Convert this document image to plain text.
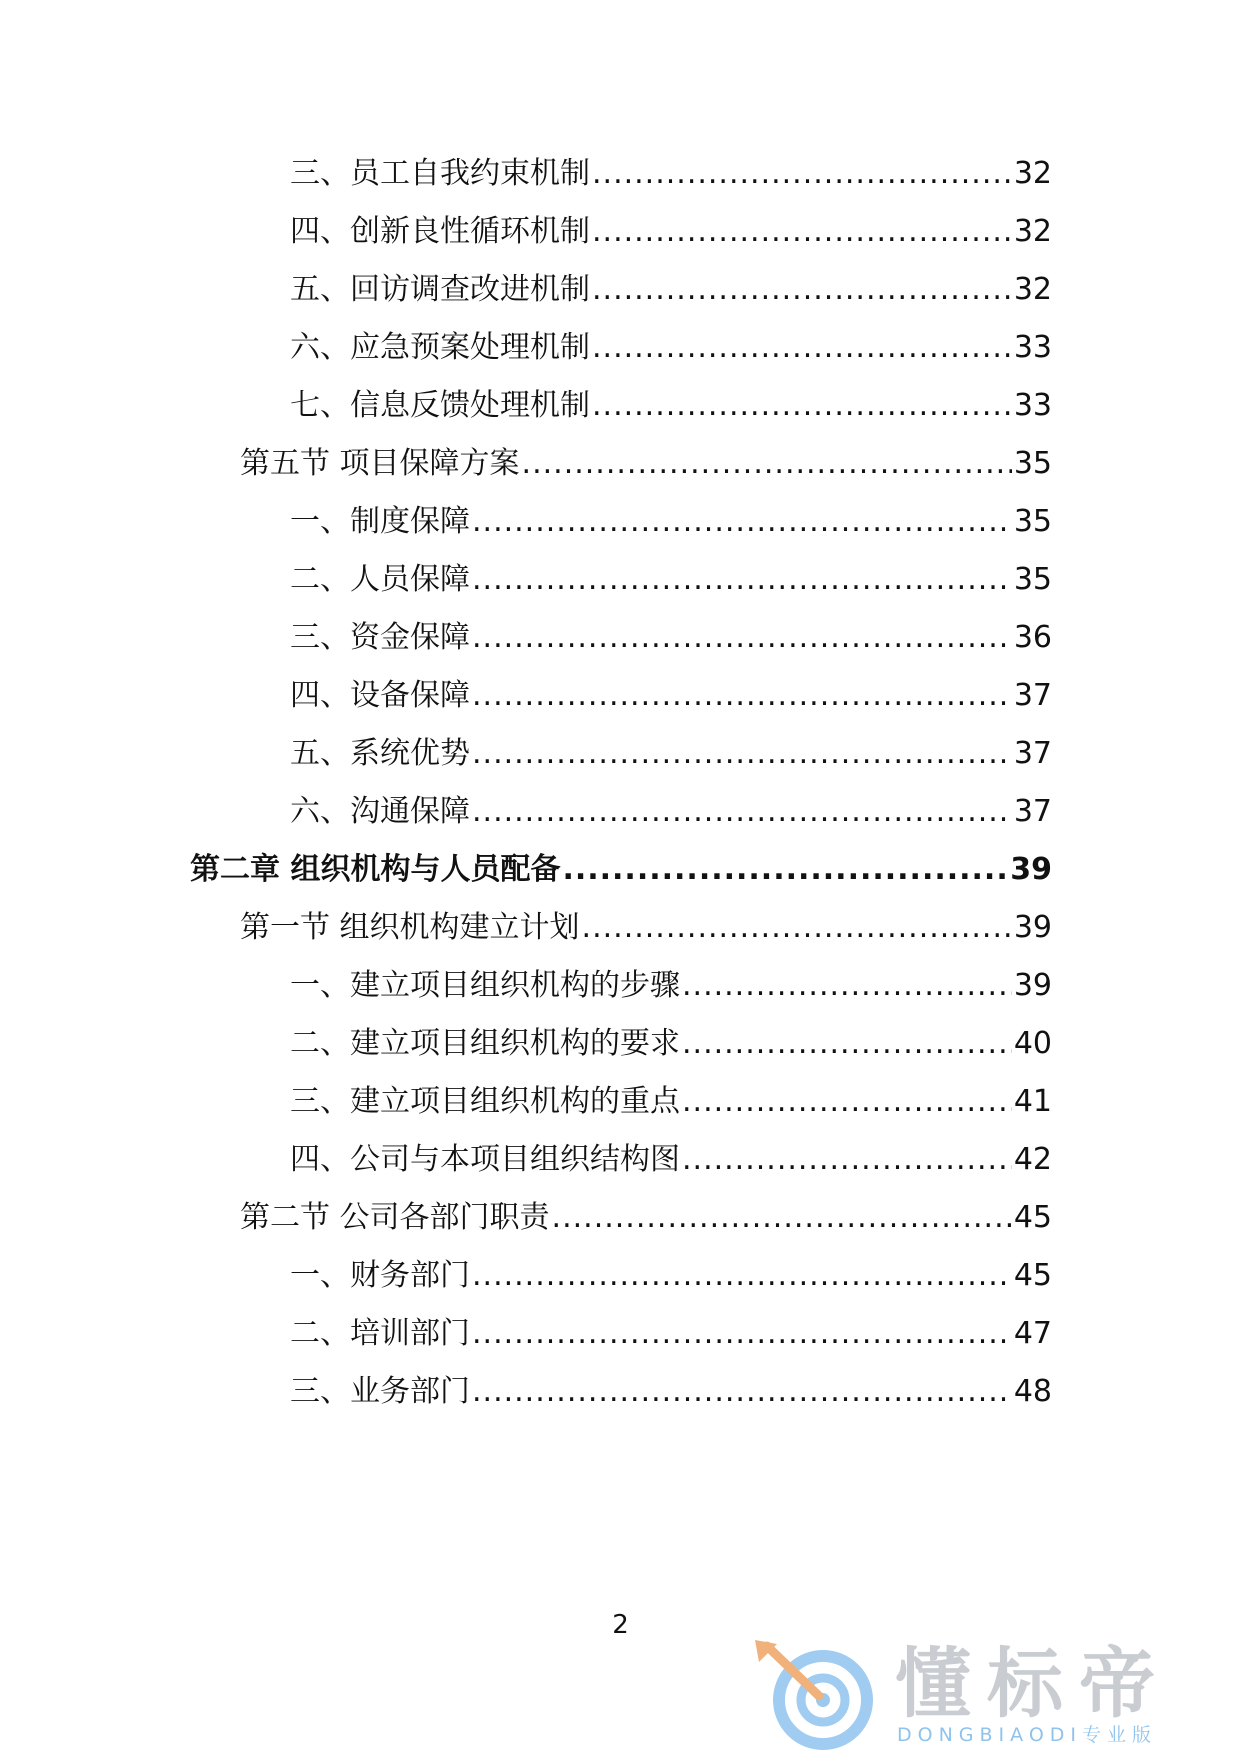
三、员工自我约束机制 .....	32
四、创新良性循环机制 .....	32
五、回访调查改进机制 .....	32
六、应急预案处理机制 .....	33
七、信息反馈处理机制 .....	33
第五节 项目保障方案 .....	35
一、制度保障 .....	35
二、人员保障 .....	35
三、资金保障 .....	36
四、设备保障 .....	37
五、系统优势 .....	37
六、沟通保障 .....	37
第二章 组织机构与人员配备 .....	39
第一节 组织机构建立计划 .....	39
一、建立项目组织机构的步骤 .....	39
二、建立项目组织机构的要求 .....	40
三、建立项目组织机构的重点 .....	41
四、公司与本项目组织结构图 .....	42
第二节 公司各部门职责 .....	45
一、财务部门 .....	45
二、培训部门 .....	47
三、业务部门 .....	48
2
懂标帝
DONGBIAODI专业版
